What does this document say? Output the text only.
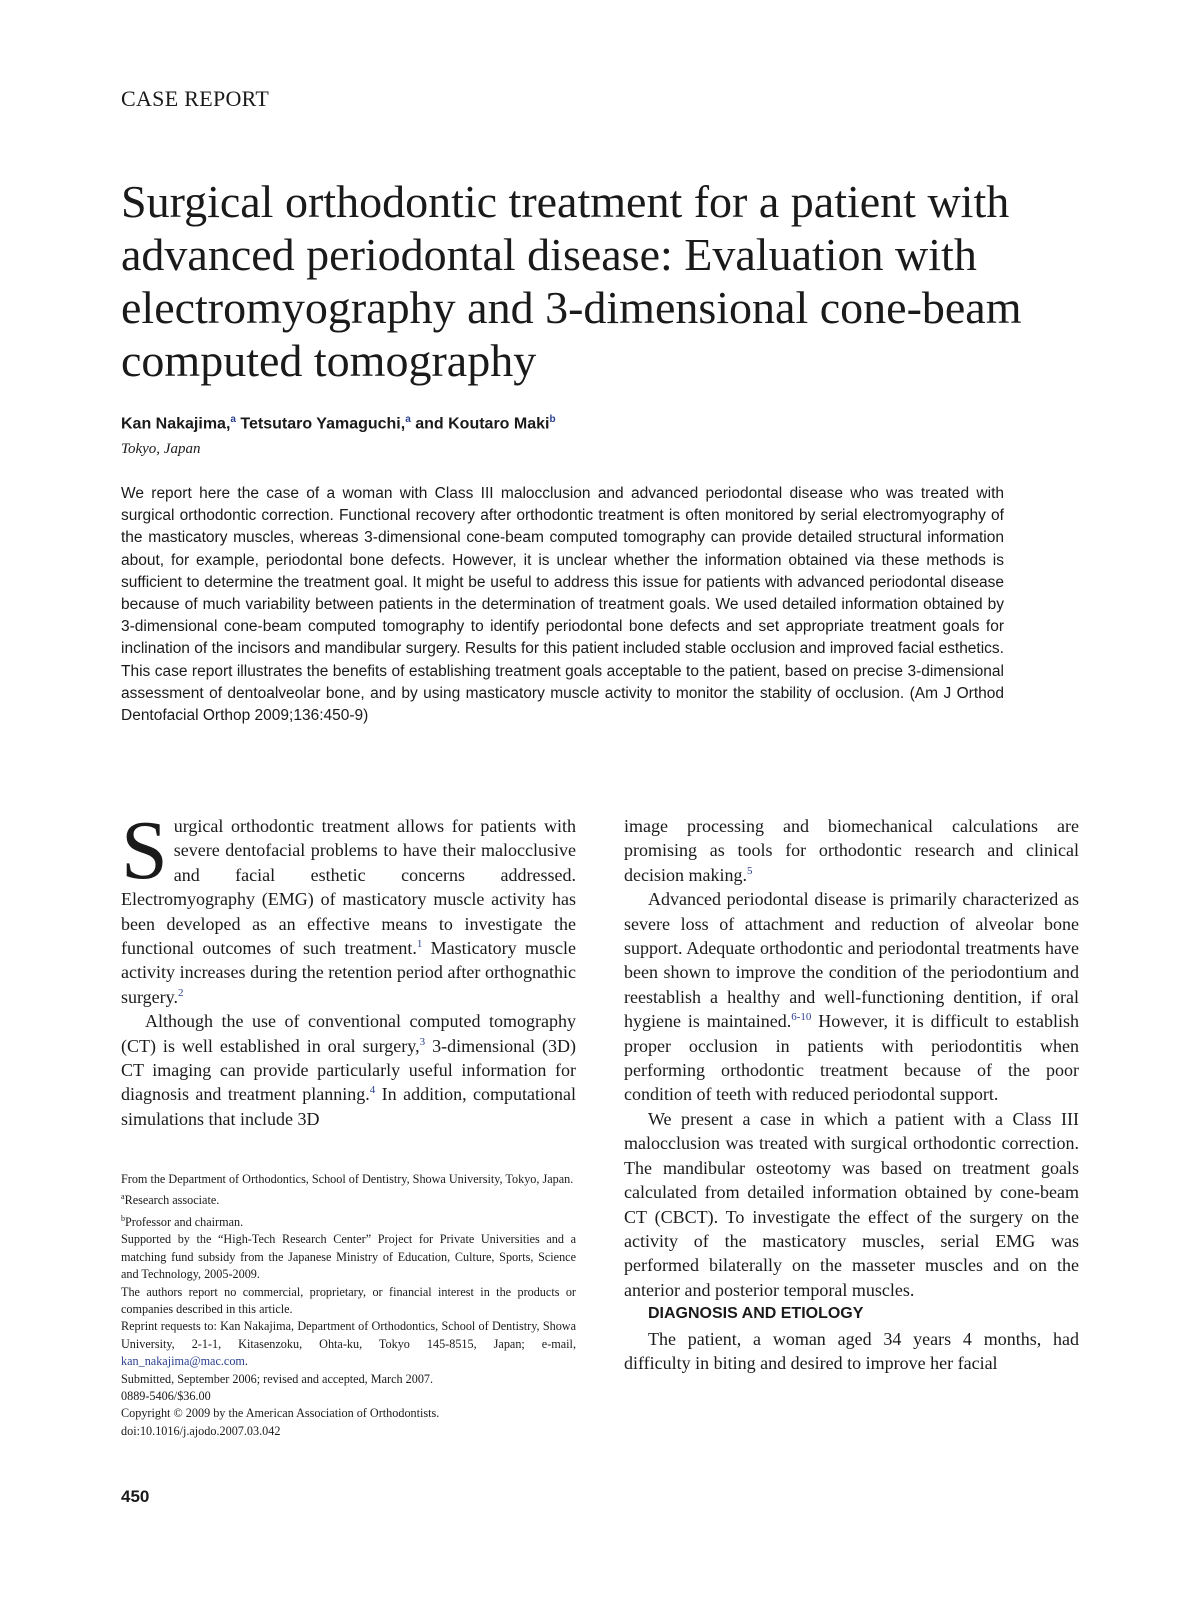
CASE REPORT
Surgical orthodontic treatment for a patient with advanced periodontal disease: Evaluation with electromyography and 3-dimensional cone-beam computed tomography
Kan Nakajima,$^a$ Tetsutaro Yamaguchi,$^a$ and Koutaro Maki$^b$
Tokyo, Japan

We report here the case of a woman with Class III malocclusion and advanced periodontal disease who was treated with surgical orthodontic correction. Functional recovery after orthodontic treatment is often monitored by serial electromyography of the masticatory muscles, whereas 3-dimensional cone-beam computed tomography can provide detailed structural information about, for example, periodontal bone defects. However, it is unclear whether the information obtained via these methods is sufficient to determine the treatment goal. It might be useful to address this issue for patients with advanced periodontal disease because of much variability between patients in the determination of treatment goals. We used detailed information obtained by 3-dimensional cone-beam computed tomography to identify periodontal bone defects and set appropriate treatment goals for inclination of the incisors and mandibular surgery. Results for this patient included stable occlusion and improved facial esthetics. This case report illustrates the benefits of establishing treatment goals acceptable to the patient, based on precise 3-dimensional assessment of dentoalveolar bone, and by using masticatory muscle activity to monitor the stability of occlusion. (Am J Orthod Dentofacial Orthop 2009;136:450-9)

Surgical orthodontic treatment allows for patients with severe dentofacial problems to have their malocclusive and facial esthetic concerns addressed. Electromyography (EMG) of masticatory muscle activity has been developed as an effective means to investigate the functional outcomes of such treatment.$^1$ Masticatory muscle activity increases during the retention period after orthognathic surgery.$^2$

Although the use of conventional computed tomography (CT) is well established in oral surgery,$^3$ 3-dimensional (3D) CT imaging can provide particularly useful information for diagnosis and treatment planning.$^4$ In addition, computational simulations that include 3D

From the Department of Orthodontics, School of Dentistry, Showa University, Tokyo, Japan.
$^a$Research associate.
$^b$Professor and chairman.
Supported by the “High-Tech Research Center” Project for Private Universities and a matching fund subsidy from the Japanese Ministry of Education, Culture, Sports, Science and Technology, 2005-2009.
The authors report no commercial, proprietary, or financial interest in the products or companies described in this article.
Reprint requests to: Kan Nakajima, Department of Orthodontics, School of Dentistry, Showa University, 2-1-1, Kitasenzoku, Ohta-ku, Tokyo 145-8515, Japan; e-mail, kan_nakajima@mac.com.
Submitted, September 2006; revised and accepted, March 2007.
0889-5406/$36.00
Copyright © 2009 by the American Association of Orthodontists.
doi:10.1016/j.ajodo.2007.03.042

image processing and biomechanical calculations are promising as tools for orthodontic research and clinical decision making.$^5$

Advanced periodontal disease is primarily characterized as severe loss of attachment and reduction of alveolar bone support. Adequate orthodontic and periodontal treatments have been shown to improve the condition of the periodontium and reestablish a healthy and well-functioning dentition, if oral hygiene is maintained.$^{6-10}$ However, it is difficult to establish proper occlusion in patients with periodontitis when performing orthodontic treatment because of the poor condition of teeth with reduced periodontal support.

We present a case in which a patient with a Class III malocclusion was treated with surgical orthodontic correction. The mandibular osteotomy was based on treatment goals calculated from detailed information obtained by cone-beam CT (CBCT). To investigate the effect of the surgery on the activity of the masticatory muscles, serial EMG was performed bilaterally on the masseter muscles and on the anterior and posterior temporal muscles.

DIAGNOSIS AND ETIOLOGY

The patient, a woman aged 34 years 4 months, had difficulty in biting and desired to improve her facial

450
